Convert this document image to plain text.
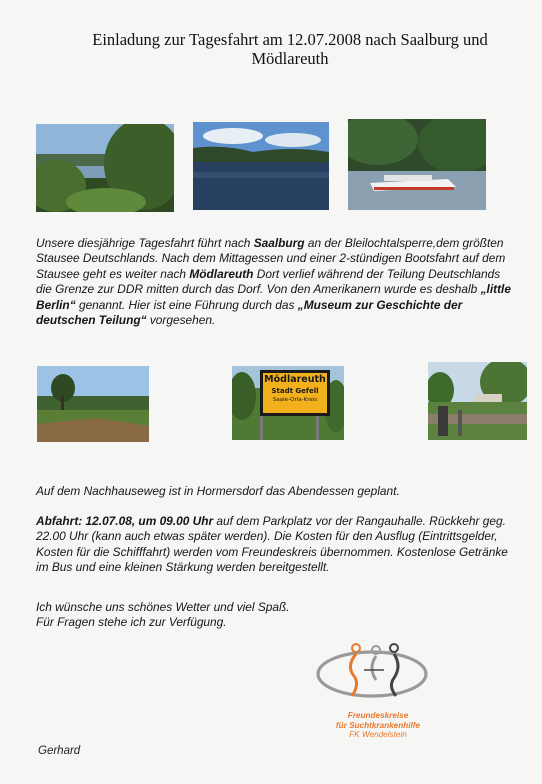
Einladung zur Tagesfahrt am 12.07.2008 nach Saalburg und
Mödlareuth
Unsere diesjährige Tagesfahrt führt nach Saalburg an der Bleilochtalsperre,dem größten Stausee Deutschlands. Nach dem Mittagessen und einer 2-stündigen Bootsfahrt auf dem Stausee geht es weiter nach Mödlareuth Dort verlief während der Teilung Deutschlands die Grenze zur DDR mitten durch das Dorf. Von den Amerikanern wurde es deshalb „little Berlin“ genannt. Hier ist eine Führung durch das „Museum zur Geschichte der deutschen Teilung“ vorgesehen.
Mödlareuth
Stadt Gefell
Saale-Orla-Kreis
Auf dem Nachhauseweg ist in Hormersdorf das Abendessen geplant.
Abfahrt: 12.07.08, um 09.00 Uhr auf dem Parkplatz vor der Rangauhalle. Rückkehr geg. 22.00 Uhr (kann auch etwas später werden). Die Kosten für den Ausflug (Eintrittsgelder, Kosten für die Schifffahrt) werden vom Freundeskreis übernommen. Kostenlose Getränke im Bus und eine kleinen Stärkung werden bereitgestellt.
Ich wünsche uns schönes Wetter und viel Spaß.
Für Fragen stehe ich zur Verfügung.
Freundeskreise
für Suchtkrankenhilfe
FK Wendelstein
Gerhard
